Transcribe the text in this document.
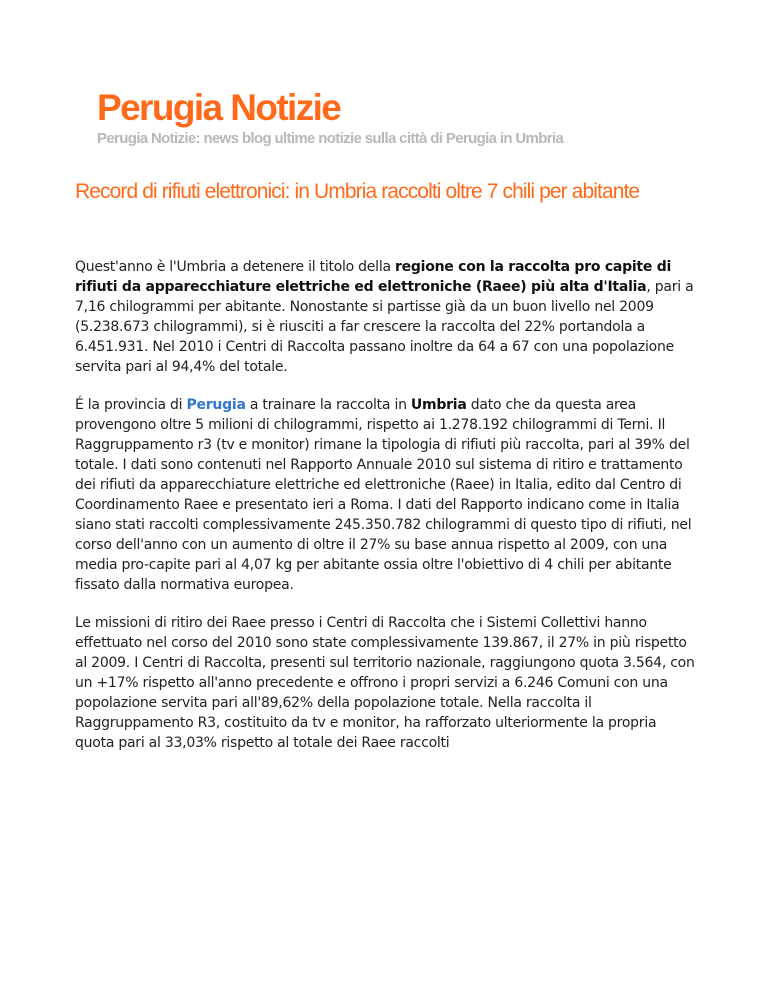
Perugia Notizie
Perugia Notizie: news blog ultime notizie sulla città di Perugia in Umbria
Record di rifiuti elettronici: in Umbria raccolti oltre 7 chili per abitante

Quest'anno è l'Umbria a detenere il titolo della regione con la raccolta pro capite di rifiuti da apparecchiature elettriche ed elettroniche (Raee) più alta d'Italia, pari a 7,16 chilogrammi per abitante. Nonostante si partisse già da un buon livello nel 2009 (5.238.673 chilogrammi), si è riusciti a far crescere la raccolta del 22% portandola a 6.451.931. Nel 2010 i Centri di Raccolta passano inoltre da 64 a 67 con una popolazione servita pari al 94,4% del totale.

É la provincia di Perugia a trainare la raccolta in Umbria dato che da questa area provengono oltre 5 milioni di chilogrammi, rispetto ai 1.278.192 chilogrammi di Terni. Il Raggruppamento r3 (tv e monitor) rimane la tipologia di rifiuti più raccolta, pari al 39% del totale. I dati sono contenuti nel Rapporto Annuale 2010 sul sistema di ritiro e trattamento dei rifiuti da apparecchiature elettriche ed elettroniche (Raee) in Italia, edito dal Centro di Coordinamento Raee e presentato ieri a Roma. I dati del Rapporto indicano come in Italia siano stati raccolti complessivamente 245.350.782 chilogrammi di questo tipo di rifiuti, nel corso dell'anno con un aumento di oltre il 27% su base annua rispetto al 2009, con una media pro-capite pari al 4,07 kg per abitante ossia oltre l'obiettivo di 4 chili per abitante fissato dalla normativa europea.

Le missioni di ritiro dei Raee presso i Centri di Raccolta che i Sistemi Collettivi hanno effettuato nel corso del 2010 sono state complessivamente 139.867, il 27% in più rispetto al 2009. I Centri di Raccolta, presenti sul territorio nazionale, raggiungono quota 3.564, con un +17% rispetto all'anno precedente e offrono i propri servizi a 6.246 Comuni con una popolazione servita pari all'89,62% della popolazione totale. Nella raccolta il Raggruppamento R3, costituito da tv e monitor, ha rafforzato ulteriormente la propria quota pari al 33,03% rispetto al totale dei Raee raccolti
